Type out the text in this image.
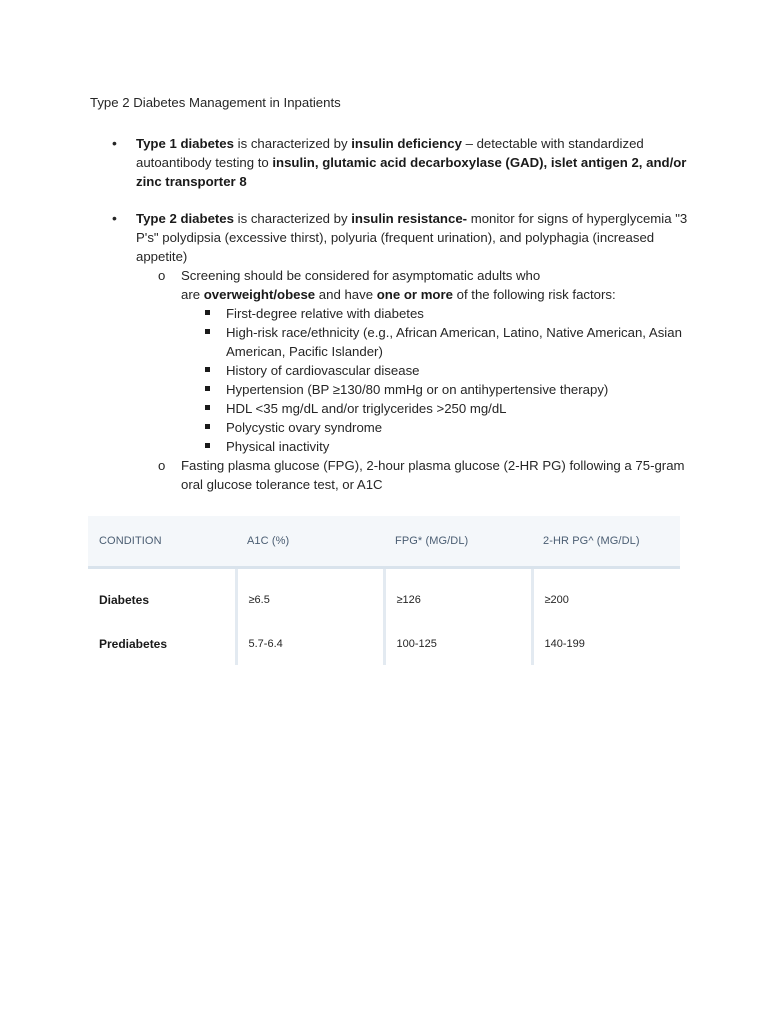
Type 2 Diabetes Management in Inpatients

• Type 1 diabetes is characterized by insulin deficiency – detectable with standardized autoantibody testing to insulin, glutamic acid decarboxylase (GAD), islet antigen 2, and/or zinc transporter 8
• Type 2 diabetes is characterized by insulin resistance- monitor for signs of hyperglycemia "3 P's" polydipsia (excessive thirst), polyuria (frequent urination), and polyphagia (increased appetite)
o Screening should be considered for asymptomatic adults who
are overweight/obese and have one or more of the following risk factors:
First-degree relative with diabetes
High-risk race/ethnicity (e.g., African American, Latino, Native American, Asian American, Pacific Islander)
History of cardiovascular disease
Hypertension (BP ≥130/80 mmHg or on antihypertensive therapy)
HDL <35 mg/dL and/or triglycerides >250 mg/dL
Polycystic ovary syndrome
Physical inactivity
o Fasting plasma glucose (FPG), 2-hour plasma glucose (2-HR PG) following a 75-gram oral glucose tolerance test, or A1C
CONDITION	A1C (%)	FPG* (MG/DL)	2-HR PG^ (MG/DL)
Diabetes	≥6.5	≥126	≥200
Prediabetes	5.7-6.4	100-125	140-199
